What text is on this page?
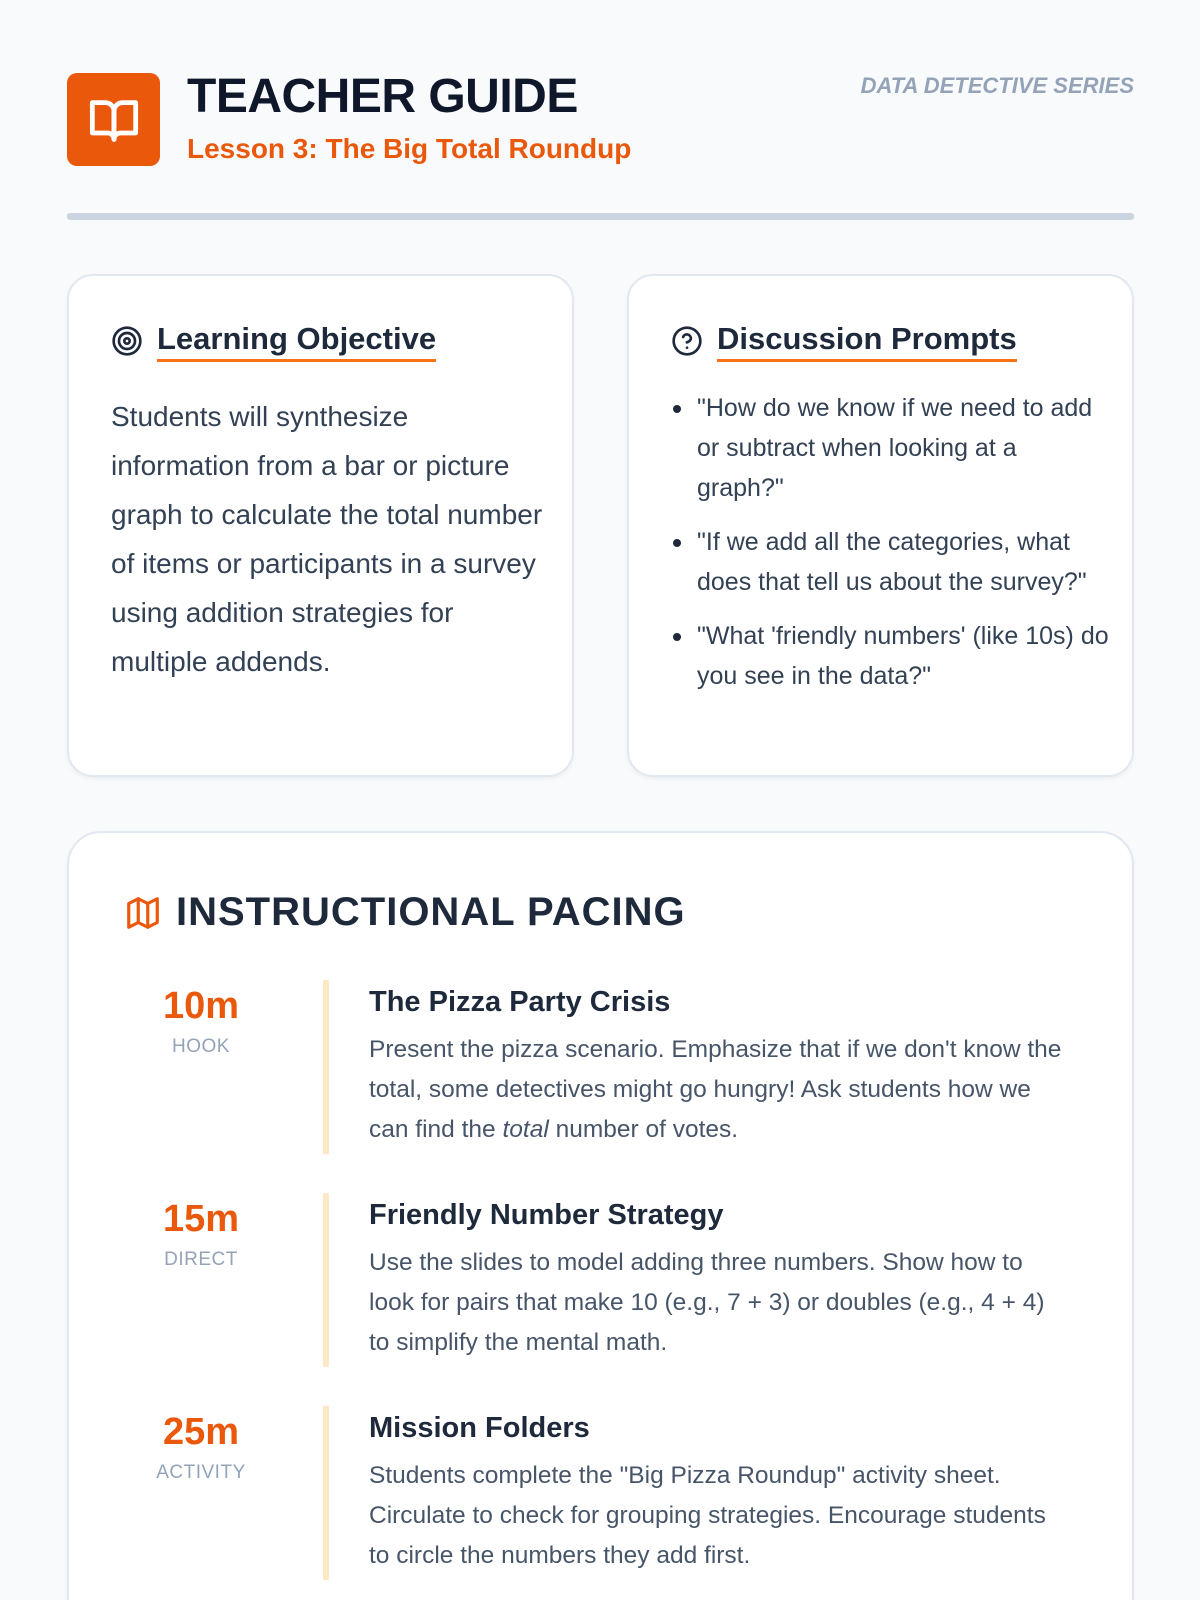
TEACHER GUIDE
Lesson 3: The Big Total Roundup
DATA DETECTIVE SERIES
Learning Objective

Students will synthesize information from a bar or picture graph to calculate the total number of items or participants in a survey using addition strategies for multiple addends.

Discussion Prompts
"How do we know if we need to add or subtract when looking at a graph?"
"If we add all the categories, what does that tell us about the survey?"
"What 'friendly numbers' (like 10s) do you see in the data?"
INSTRUCTIONAL PACING
10m
HOOK
The Pizza Party Crisis
Present the pizza scenario. Emphasize that if we don't know the total, some detectives might go hungry! Ask students how we can find the total number of votes.
15m
DIRECT
Friendly Number Strategy
Use the slides to model adding three numbers. Show how to look for pairs that make 10 (e.g., 7 + 3) or doubles (e.g., 4 + 4) to simplify the mental math.
25m
ACTIVITY
Mission Folders
Students complete the "Big Pizza Roundup" activity sheet. Circulate to check for grouping strategies. Encourage students to circle the numbers they add first.
